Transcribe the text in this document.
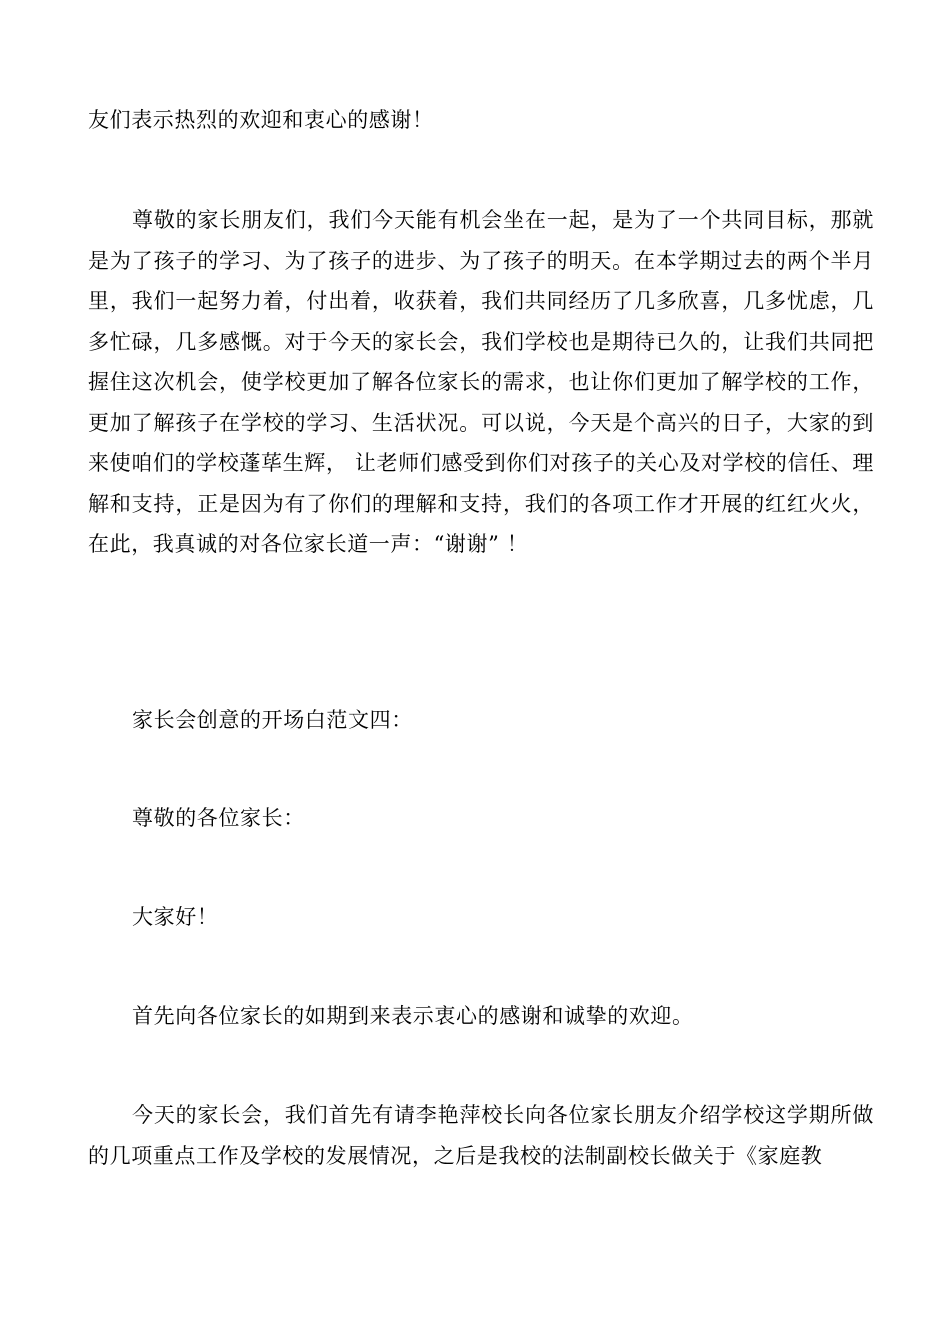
友们表示热烈的欢迎和衷心的感谢！

尊敬的家长朋友们，我们今天能有机会坐在一起，是为了一个共同目标，那就是为了孩子的学习、为了孩子的进步、为了孩子的明天。在本学期过去的两个半月里，我们一起努力着，付出着，收获着，我们共同经历了几多欣喜，几多忧虑，几多忙碌，几多感慨。对于今天的家长会，我们学校也是期待已久的，让我们共同把握住这次机会，使学校更加了解各位家长的需求，也让你们更加了解学校的工作，更加了解孩子在学校的学习、生活状况。可以说，今天是个高兴的日子，大家的到来使咱们的学校蓬荜生辉， 让老师们感受到你们对孩子的关心及对学校的信任、理解和支持，正是因为有了你们的理解和支持，我们的各项工作才开展的红红火火，在此，我真诚的对各位家长道一声：“谢谢” ！

家长会创意的开场白范文四：

尊敬的各位家长：

大家好！

首先向各位家长的如期到来表示衷心的感谢和诚挚的欢迎。

今天的家长会，我们首先有请李艳萍校长向各位家长朋友介绍学校这学期所做的几项重点工作及学校的发展情况，之后是我校的法制副校长做关于《家庭教
